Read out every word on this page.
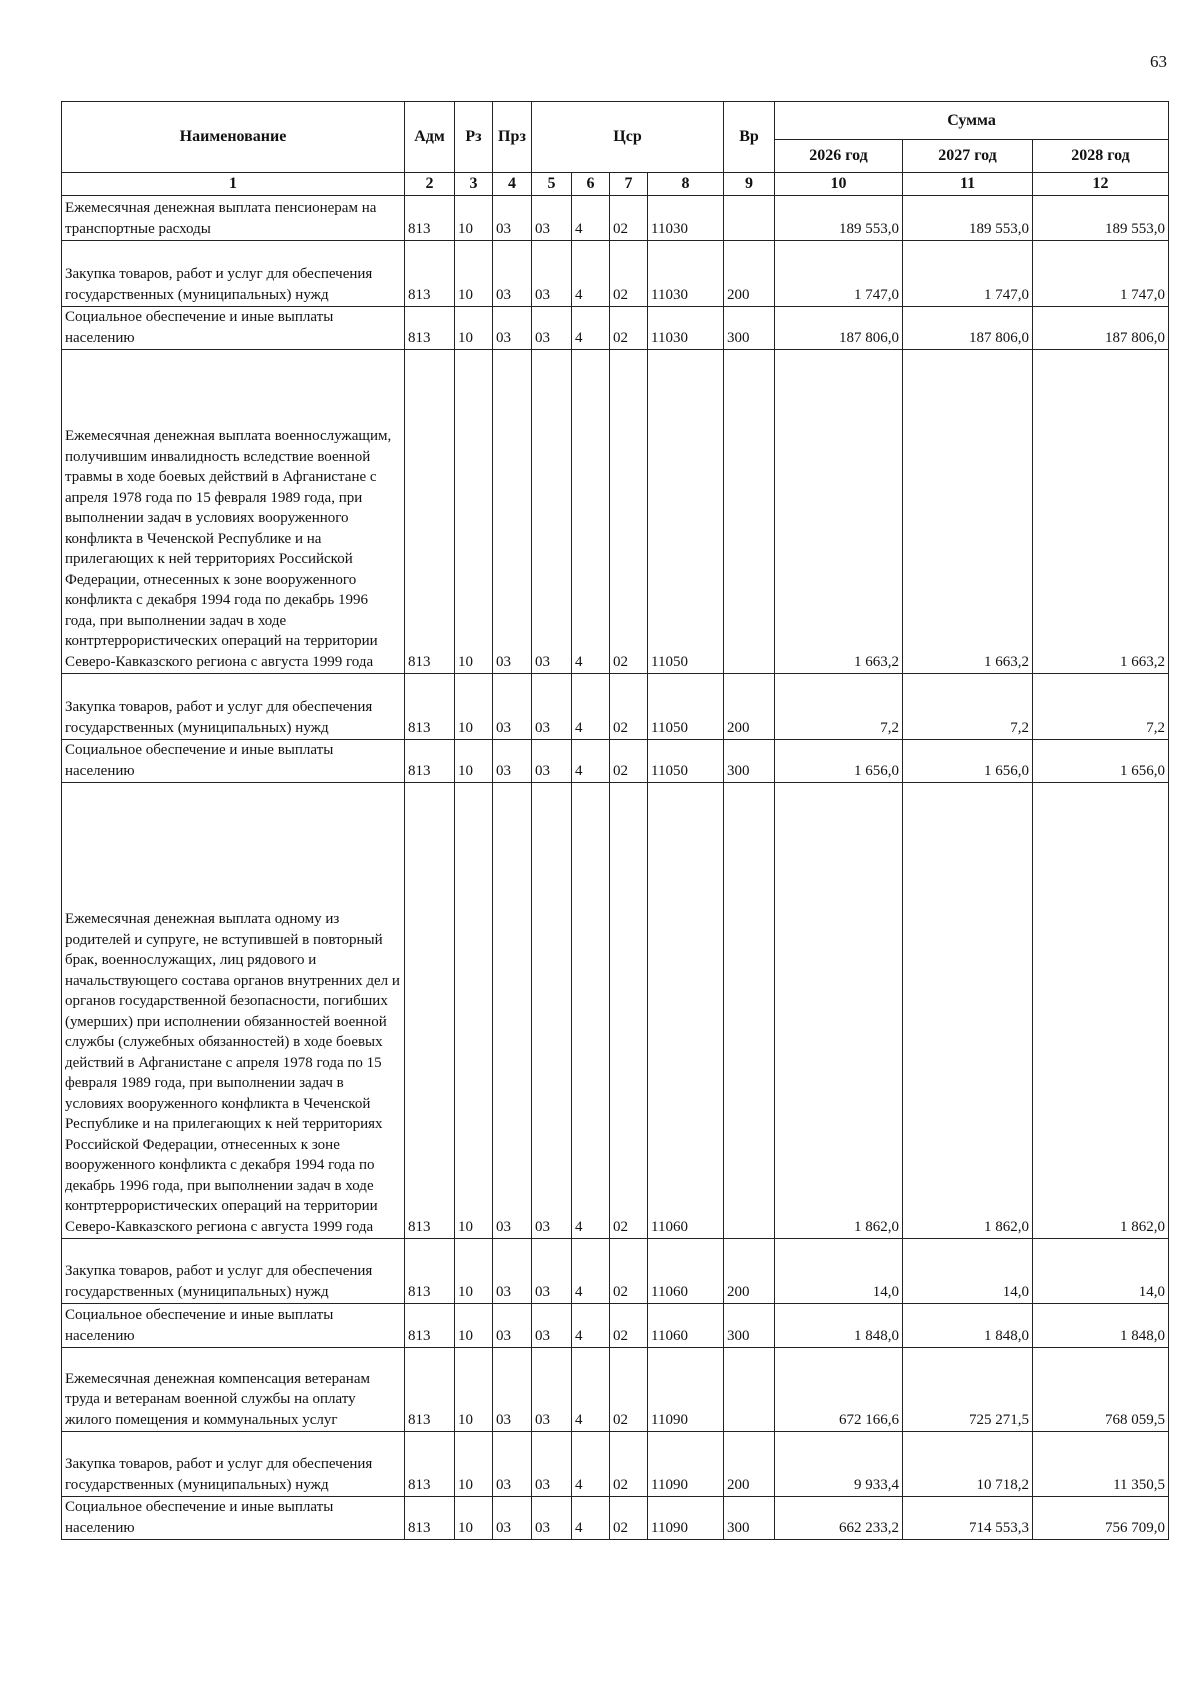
63
Наименование	Адм	Рз	Прз	Цср				Вр	Сумма		
									2026 год	2027 год	2028 год
1	2	3	4	5	6	7	8	9	10	11	12
Ежемесячная денежная выплата пенсионерам на транспортные расходы	813	10	03	03	4	02	11030		189 553,0	189 553,0	189 553,0
Закупка товаров, работ и услуг для обеспечения государственных (муниципальных) нужд	813	10	03	03	4	02	11030	200	1 747,0	1 747,0	1 747,0
Социальное обеспечение и иные выплаты населению	813	10	03	03	4	02	11030	300	187 806,0	187 806,0	187 806,0
Ежемесячная денежная выплата военнослужащим, получившим инвалидность вследствие военной травмы в ходе боевых действий в Афганистане с апреля 1978 года по 15 февраля 1989 года, при выполнении задач в условиях вооруженного конфликта в Чеченской Республике и на прилегающих к ней территориях Российской Федерации, отнесенных к зоне вооруженного конфликта с декабря 1994 года по декабрь 1996 года, при выполнении задач в ходе контртеррористических операций на территории Северо-Кавказского региона с августа 1999 года	813	10	03	03	4	02	11050		1 663,2	1 663,2	1 663,2
Закупка товаров, работ и услуг для обеспечения государственных (муниципальных) нужд	813	10	03	03	4	02	11050	200	7,2	7,2	7,2
Социальное обеспечение и иные выплаты населению	813	10	03	03	4	02	11050	300	1 656,0	1 656,0	1 656,0
Ежемесячная денежная выплата одному из родителей и супруге, не вступившей в повторный брак, военнослужащих, лиц рядового и начальствующего состава органов внутренних дел и органов государственной безопасности, погибших (умерших) при исполнении обязанностей военной службы (служебных обязанностей) в ходе боевых действий в Афганистане с апреля 1978 года по 15 февраля 1989 года, при выполнении задач в условиях вооруженного конфликта в Чеченской Республике и на прилегающих к ней территориях Российской Федерации, отнесенных к зоне вооруженного конфликта с декабря 1994 года по декабрь 1996 года, при выполнении задач в ходе контртеррористических операций на территории Северо-Кавказского региона с августа 1999 года	813	10	03	03	4	02	11060		1 862,0	1 862,0	1 862,0
Закупка товаров, работ и услуг для обеспечения государственных (муниципальных) нужд	813	10	03	03	4	02	11060	200	14,0	14,0	14,0
Социальное обеспечение и иные выплаты населению	813	10	03	03	4	02	11060	300	1 848,0	1 848,0	1 848,0
Ежемесячная денежная компенсация ветеранам труда и ветеранам военной службы на оплату жилого помещения и коммунальных услуг	813	10	03	03	4	02	11090		672 166,6	725 271,5	768 059,5
Закупка товаров, работ и услуг для обеспечения государственных (муниципальных) нужд	813	10	03	03	4	02	11090	200	9 933,4	10 718,2	11 350,5
Социальное обеспечение и иные выплаты населению	813	10	03	03	4	02	11090	300	662 233,2	714 553,3	756 709,0
